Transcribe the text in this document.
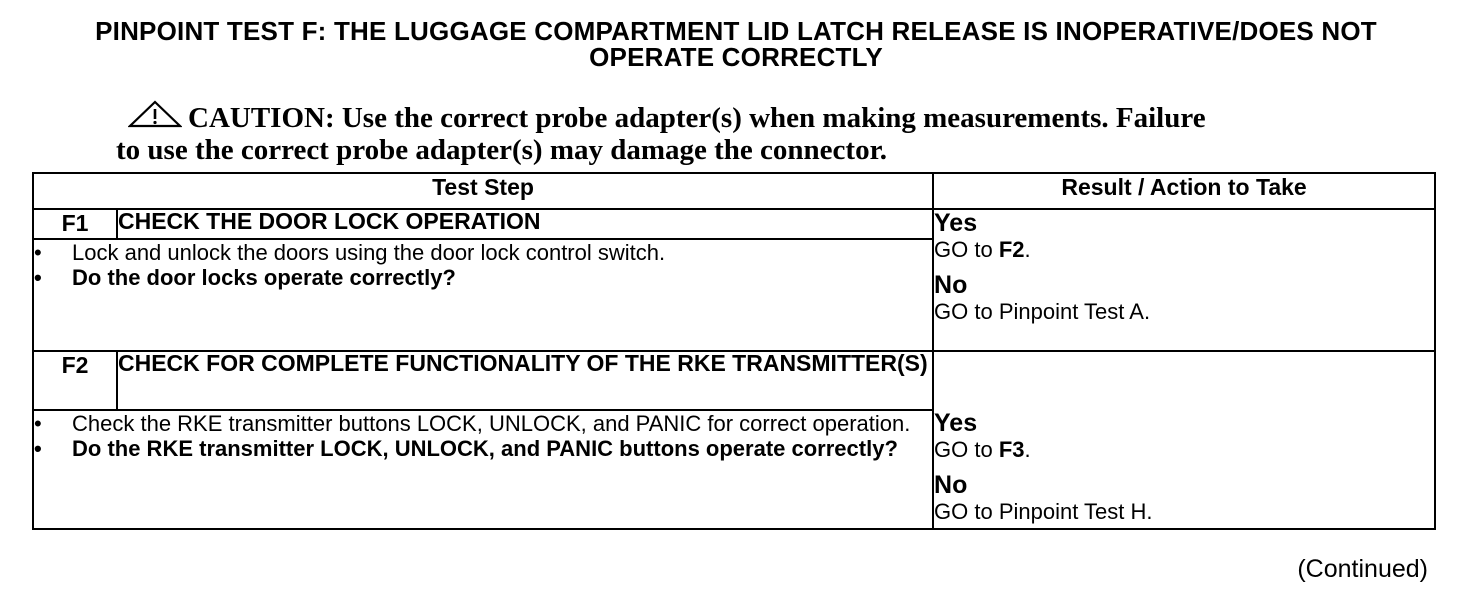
PINPOINT TEST F: THE LUGGAGE COMPARTMENT LID LATCH RELEASE IS INOPERATIVE/DOES NOT
OPERATE CORRECTLY
CAUTION: Use the correct probe adapter(s) when making measurements. Failure
to use the correct probe adapter(s) may damage the connector.
Test Step		Result / Action to Take
F1	CHECK THE DOOR LOCK OPERATION	Yes
GO to F2.
No
GO to Pinpoint Test A.

• Lock and unlock the doors using the door lock control switch.
• Do the door locks operate correctly?

F2	CHECK FOR COMPLETE FUNCTIONALITY OF THE RKE TRANSMITTER(S)	Yes
GO to F3.
No
GO to Pinpoint Test H.

• Check the RKE transmitter buttons LOCK, UNLOCK, and PANIC for correct operation.
• Do the RKE transmitter LOCK, UNLOCK, and PANIC buttons operate correctly?
(Continued)
